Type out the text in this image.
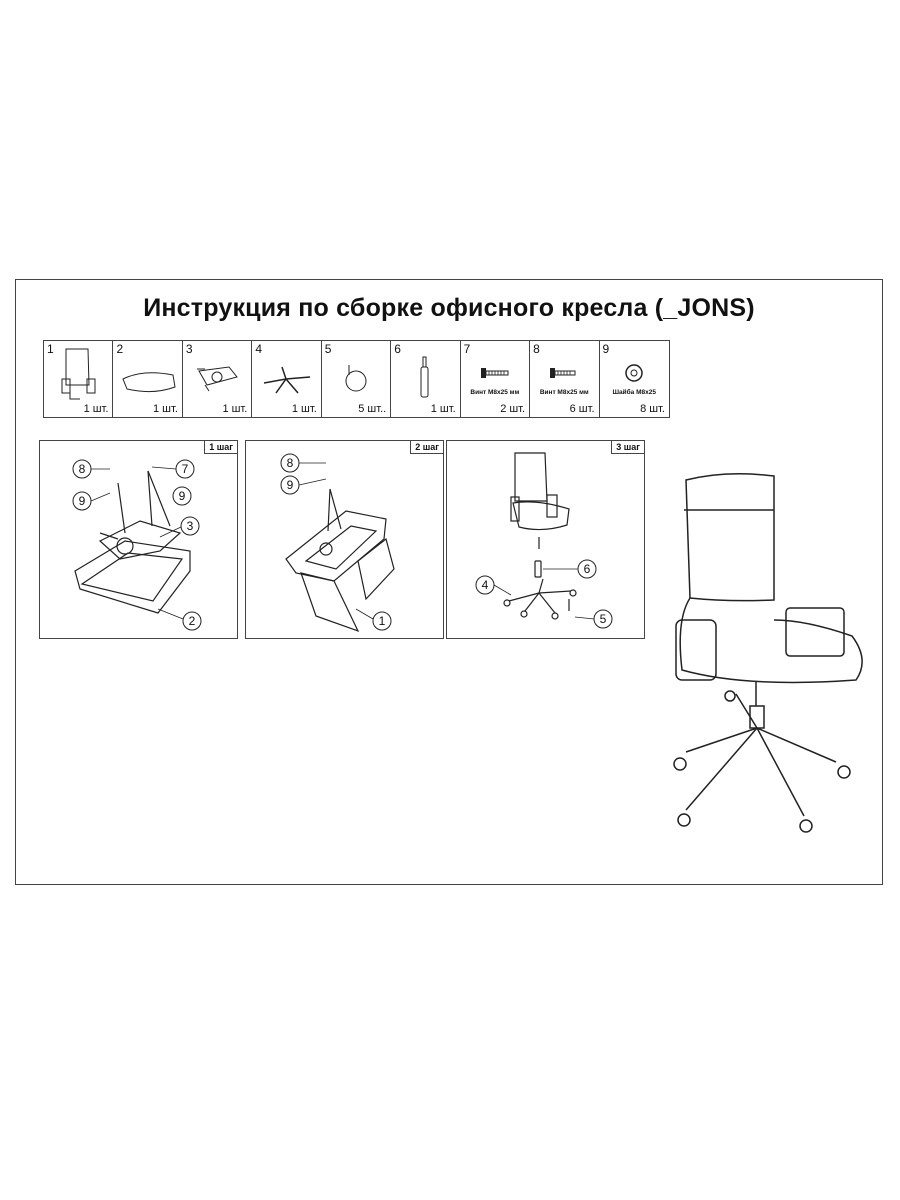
Инструкция по сборке офисного кресла (_JONS)
1
1 шт.
2
1 шт.
3
1 шт.
4
1 шт.
5
5 шт..
6
1 шт.
7
Винт М8х25 мм
2 шт.
8
Винт М8х25 мм
6 шт.
9
Шайба М8х25
8 шт.
1 шаг
8
9
7
9
3
2
2 шаг
8
9
1
3 шаг
6
4
5
